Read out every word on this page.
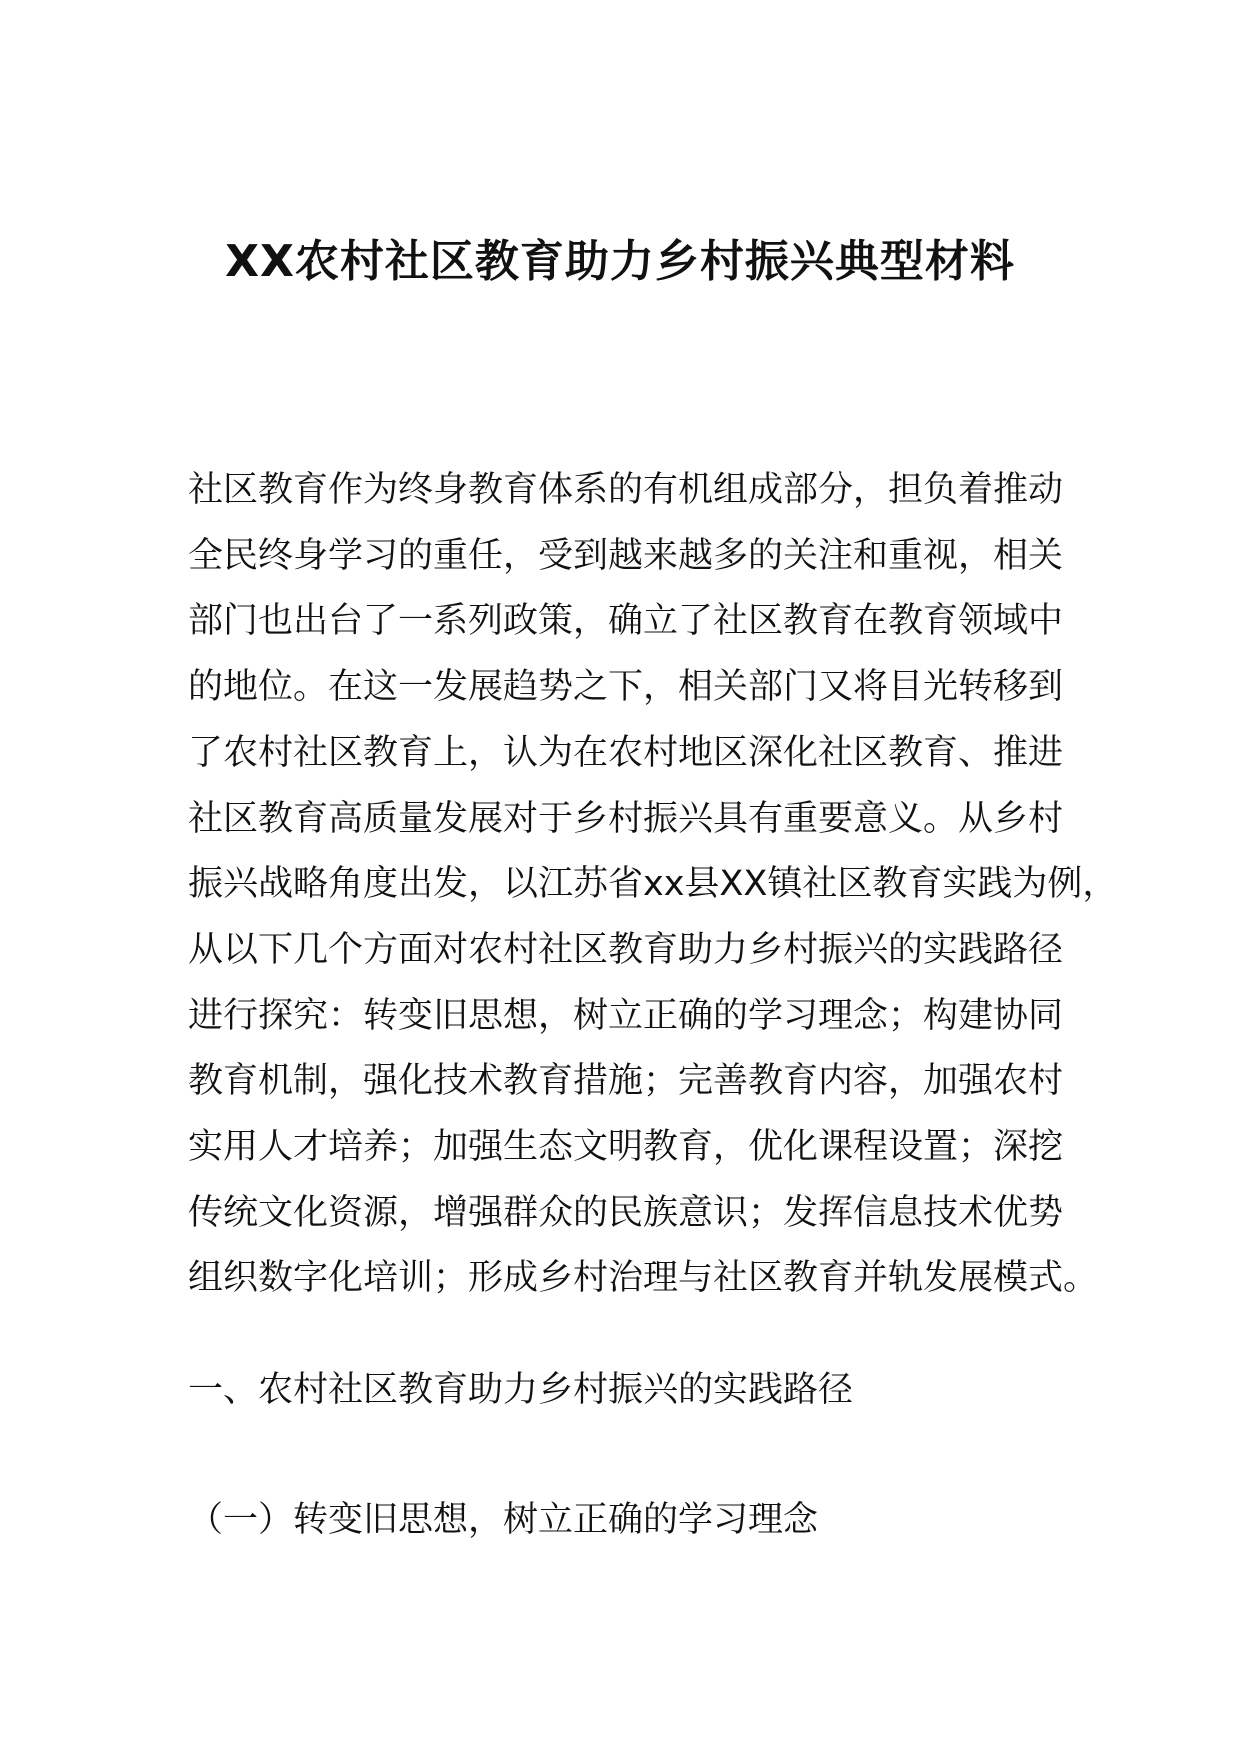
XX农村社区教育助力乡村振兴典型材料

社区教育作为终身教育体系的有机组成部分，担负着推动
全民终身学习的重任，受到越来越多的关注和重视，相关
部门也出台了一系列政策，确立了社区教育在教育领域中
的地位。在这一发展趋势之下，相关部门又将目光转移到
了农村社区教育上，认为在农村地区深化社区教育、推进
社区教育高质量发展对于乡村振兴具有重要意义。从乡村
振兴战略角度出发，以江苏省xx县XX镇社区教育实践为例，
从以下几个方面对农村社区教育助力乡村振兴的实践路径
进行探究：转变旧思想，树立正确的学习理念；构建协同
教育机制，强化技术教育措施；完善教育内容，加强农村
实用人才培养；加强生态文明教育，优化课程设置；深挖
传统文化资源，增强群众的民族意识；发挥信息技术优势
组织数字化培训；形成乡村治理与社区教育并轨发展模式。

一、农村社区教育助力乡村振兴的实践路径
（一）转变旧思想，树立正确的学习理念
